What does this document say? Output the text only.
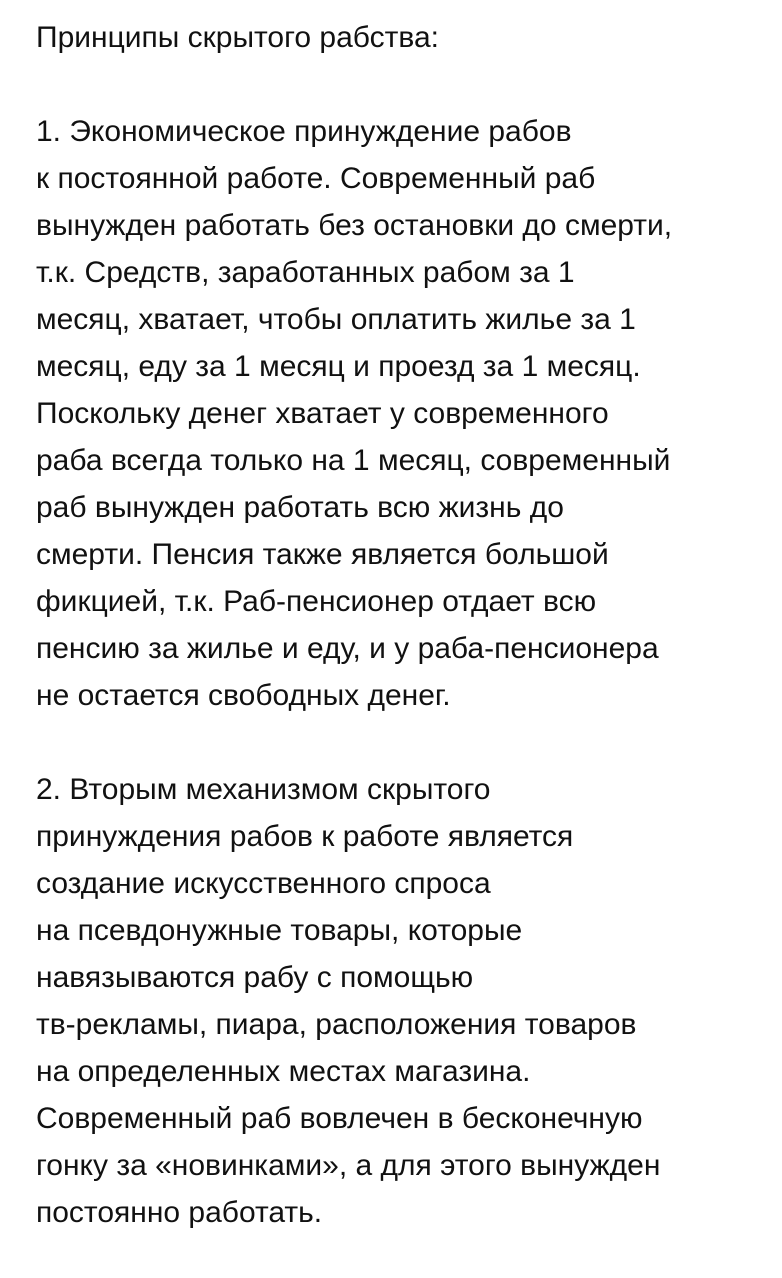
Принципы скрытого рабства:
1. Экономическое принуждение рабов
к постоянной работе. Современный раб
вынужден работать без остановки до смерти,
т.к. Средств, заработанных рабом за 1
месяц, хватает, чтобы оплатить жилье за 1
месяц, еду за 1 месяц и проезд за 1 месяц.
Поскольку денег хватает у современного
раба всегда только на 1 месяц, современный
раб вынужден работать всю жизнь до
смерти. Пенсия также является большой
фикцией, т.к. Раб-пенсионер отдает всю
пенсию за жилье и еду, и у раба-пенсионера
не остается свободных денег.
2. Вторым механизмом скрытого
принуждения рабов к работе является
создание искусственного спроса
на псевдонужные товары, которые
навязываются рабу с помощью
тв-рекламы, пиара, расположения товаров
на определенных местах магазина.
Современный раб вовлечен в бесконечную
гонку за «новинками», а для этого вынужден
постоянно работать.
